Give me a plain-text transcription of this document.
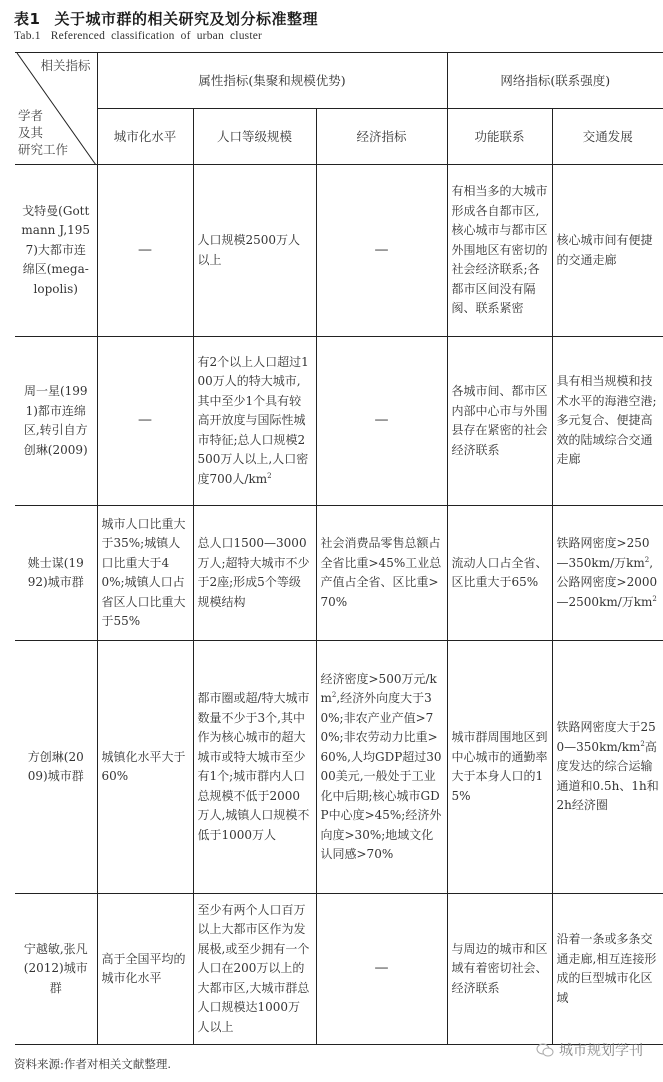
表1 关于城市群的相关研究及划分标准整理
Tab.1 Referenced classification of urban cluster
相关指标
学者
及其
研究工作	属性指标(集聚和规模优势)			网络指标(联系强度)	
	城市化水平	人口等级规模	经济指标	功能联系	交通发展
戈特曼(Gottmann J,1957)大都市连绵区(mega-lopolis)	—	人口规模2500万人以上	—	有相当多的大城市形成各自都市区,核心城市与都市区外围地区有密切的社会经济联系;各都市区间没有隔阂、联系紧密	核心城市间有便捷的交通走廊
周一星(1991)都市连绵区,转引自方创琳(2009)	—	有2个以上人口超过100万人的特大城市,其中至少1个具有较高开放度与国际性城市特征;总人口规模2500万人以上,人口密度700人$/km^2$	—	各城市间、都市区内部中心市与外围县存在紧密的社会经济联系	具有相当规模和技术水平的海港空港;多元复合、便捷高效的陆域综合交通走廊
姚士谋(1992)城市群	城市人口比重大于35%;城镇人口比重大于40%;城镇人口占省区人口比重大于55%	总人口1500—3000万人;超特大城市不少于2座;形成5个等级规模结构	社会消费品零售总额占全省比重>45%工业总产值占全省、区比重>70%	流动人口占全省、区比重大于65%	铁路网密度>250—350km/万$km^2$,公路网密度>2000—2500km/万$km^2$
方创琳(2009)城市群	城镇化水平大于60%	都市圈或超/特大城市数量不少于3个,其中作为核心城市的超大城市或特大城市至少有1个;城市群内人口总规模不低于2000万人,城镇人口规模不低于1000万人	经济密度>500万元$/km^2$,经济外向度大于30%;非农产业产值>70%;非农劳动力比重>60%,人均GDP超过3000美元,一般处于工业化中后期;核心城市GDP中心度>45%;经济外向度>30%;地域文化认同感>70%	城市群周围地区到中心城市的通勤率大于本身人口的15%	铁路网密度大于$250—350km/km^2$高度发达的综合运输通道和0.5h、1h和2h经济圈
宁越敏,张凡(2012)城市群	高于全国平均的城市化水平	至少有两个人口百万以上大都市区作为发展极,或至少拥有一个人口在200万以上的大都市区,大城市群总人口规模达1000万人以上	—	与周边的城市和区域有着密切社会、经济联系	沿着一条或多条交通走廊,相互连接形成的巨型城市化区域
资料来源:作者对相关文献整理.
城市规划学刊
